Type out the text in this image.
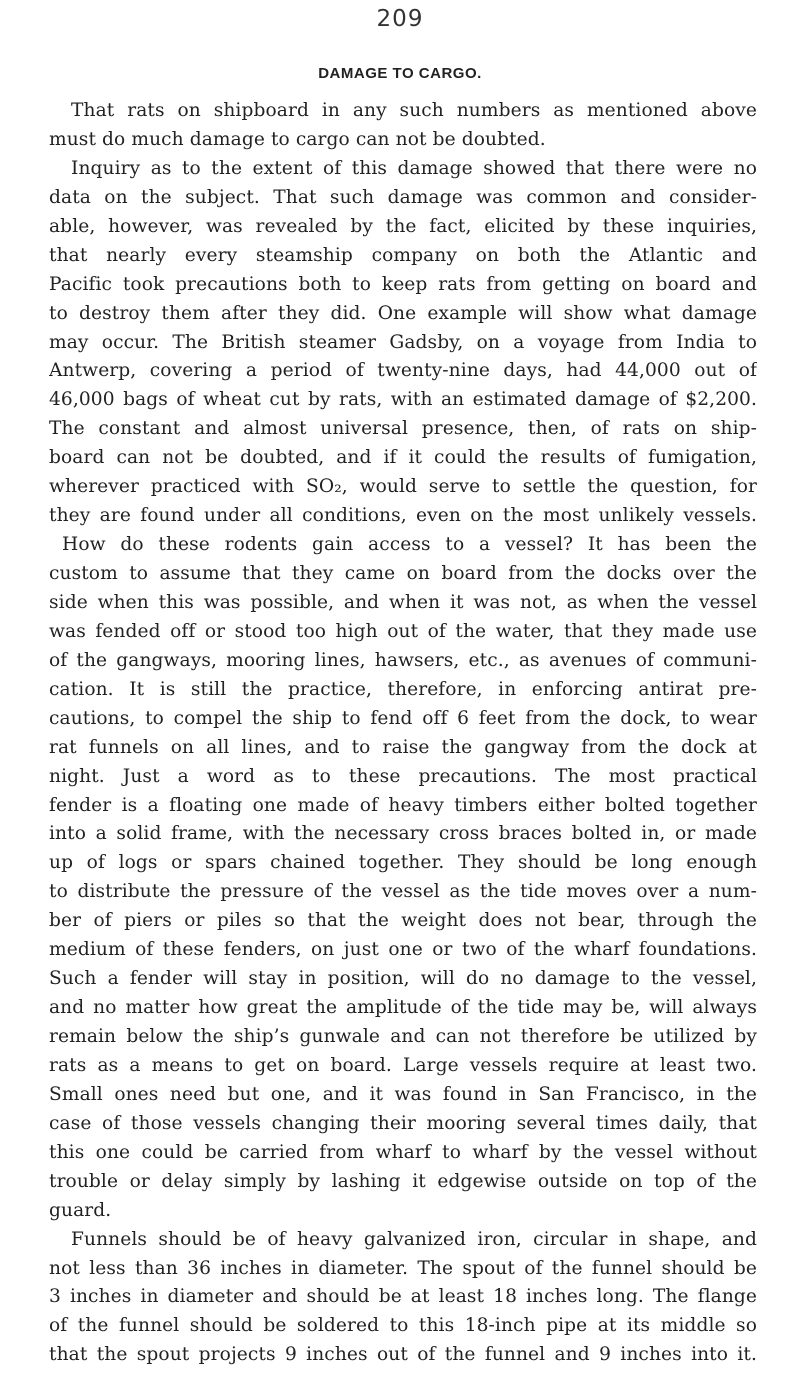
209
DAMAGE TO CARGO.
That rats on shipboard in any such numbers as mentioned above
must do much damage to cargo can not be doubted.
Inquiry as to the extent of this damage showed that there were no
data on the subject. That such damage was common and consider-
able, however, was revealed by the fact, elicited by these inquiries,
that nearly every steamship company on both the Atlantic and
Pacific took precautions both to keep rats from getting on board and
to destroy them after they did. One example will show what damage
may occur. The British steamer Gadsby, on a voyage from India to
Antwerp, covering a period of twenty-nine days, had 44,000 out of
46,000 bags of wheat cut by rats, with an estimated damage of $2,200.
The constant and almost universal presence, then, of rats on ship-
board can not be doubted, and if it could the results of fumigation,
wherever practiced with SO₂, would serve to settle the question, for
they are found under all conditions, even on the most unlikely vessels.
How do these rodents gain access to a vessel? It has been the
custom to assume that they came on board from the docks over the
side when this was possible, and when it was not, as when the vessel
was fended off or stood too high out of the water, that they made use
of the gangways, mooring lines, hawsers, etc., as avenues of communi-
cation. It is still the practice, therefore, in enforcing antirat pre-
cautions, to compel the ship to fend off 6 feet from the dock, to wear
rat funnels on all lines, and to raise the gangway from the dock at
night. Just a word as to these precautions. The most practical
fender is a floating one made of heavy timbers either bolted together
into a solid frame, with the necessary cross braces bolted in, or made
up of logs or spars chained together. They should be long enough
to distribute the pressure of the vessel as the tide moves over a num-
ber of piers or piles so that the weight does not bear, through the
medium of these fenders, on just one or two of the wharf foundations.
Such a fender will stay in position, will do no damage to the vessel,
and no matter how great the amplitude of the tide may be, will always
remain below the ship’s gunwale and can not therefore be utilized by
rats as a means to get on board. Large vessels require at least two.
Small ones need but one, and it was found in San Francisco, in the
case of those vessels changing their mooring several times daily, that
this one could be carried from wharf to wharf by the vessel without
trouble or delay simply by lashing it edgewise outside on top of the
guard.
Funnels should be of heavy galvanized iron, circular in shape, and
not less than 36 inches in diameter. The spout of the funnel should be
3 inches in diameter and should be at least 18 inches long. The flange
of the funnel should be soldered to this 18-inch pipe at its middle so
that the spout projects 9 inches out of the funnel and 9 inches into it.
